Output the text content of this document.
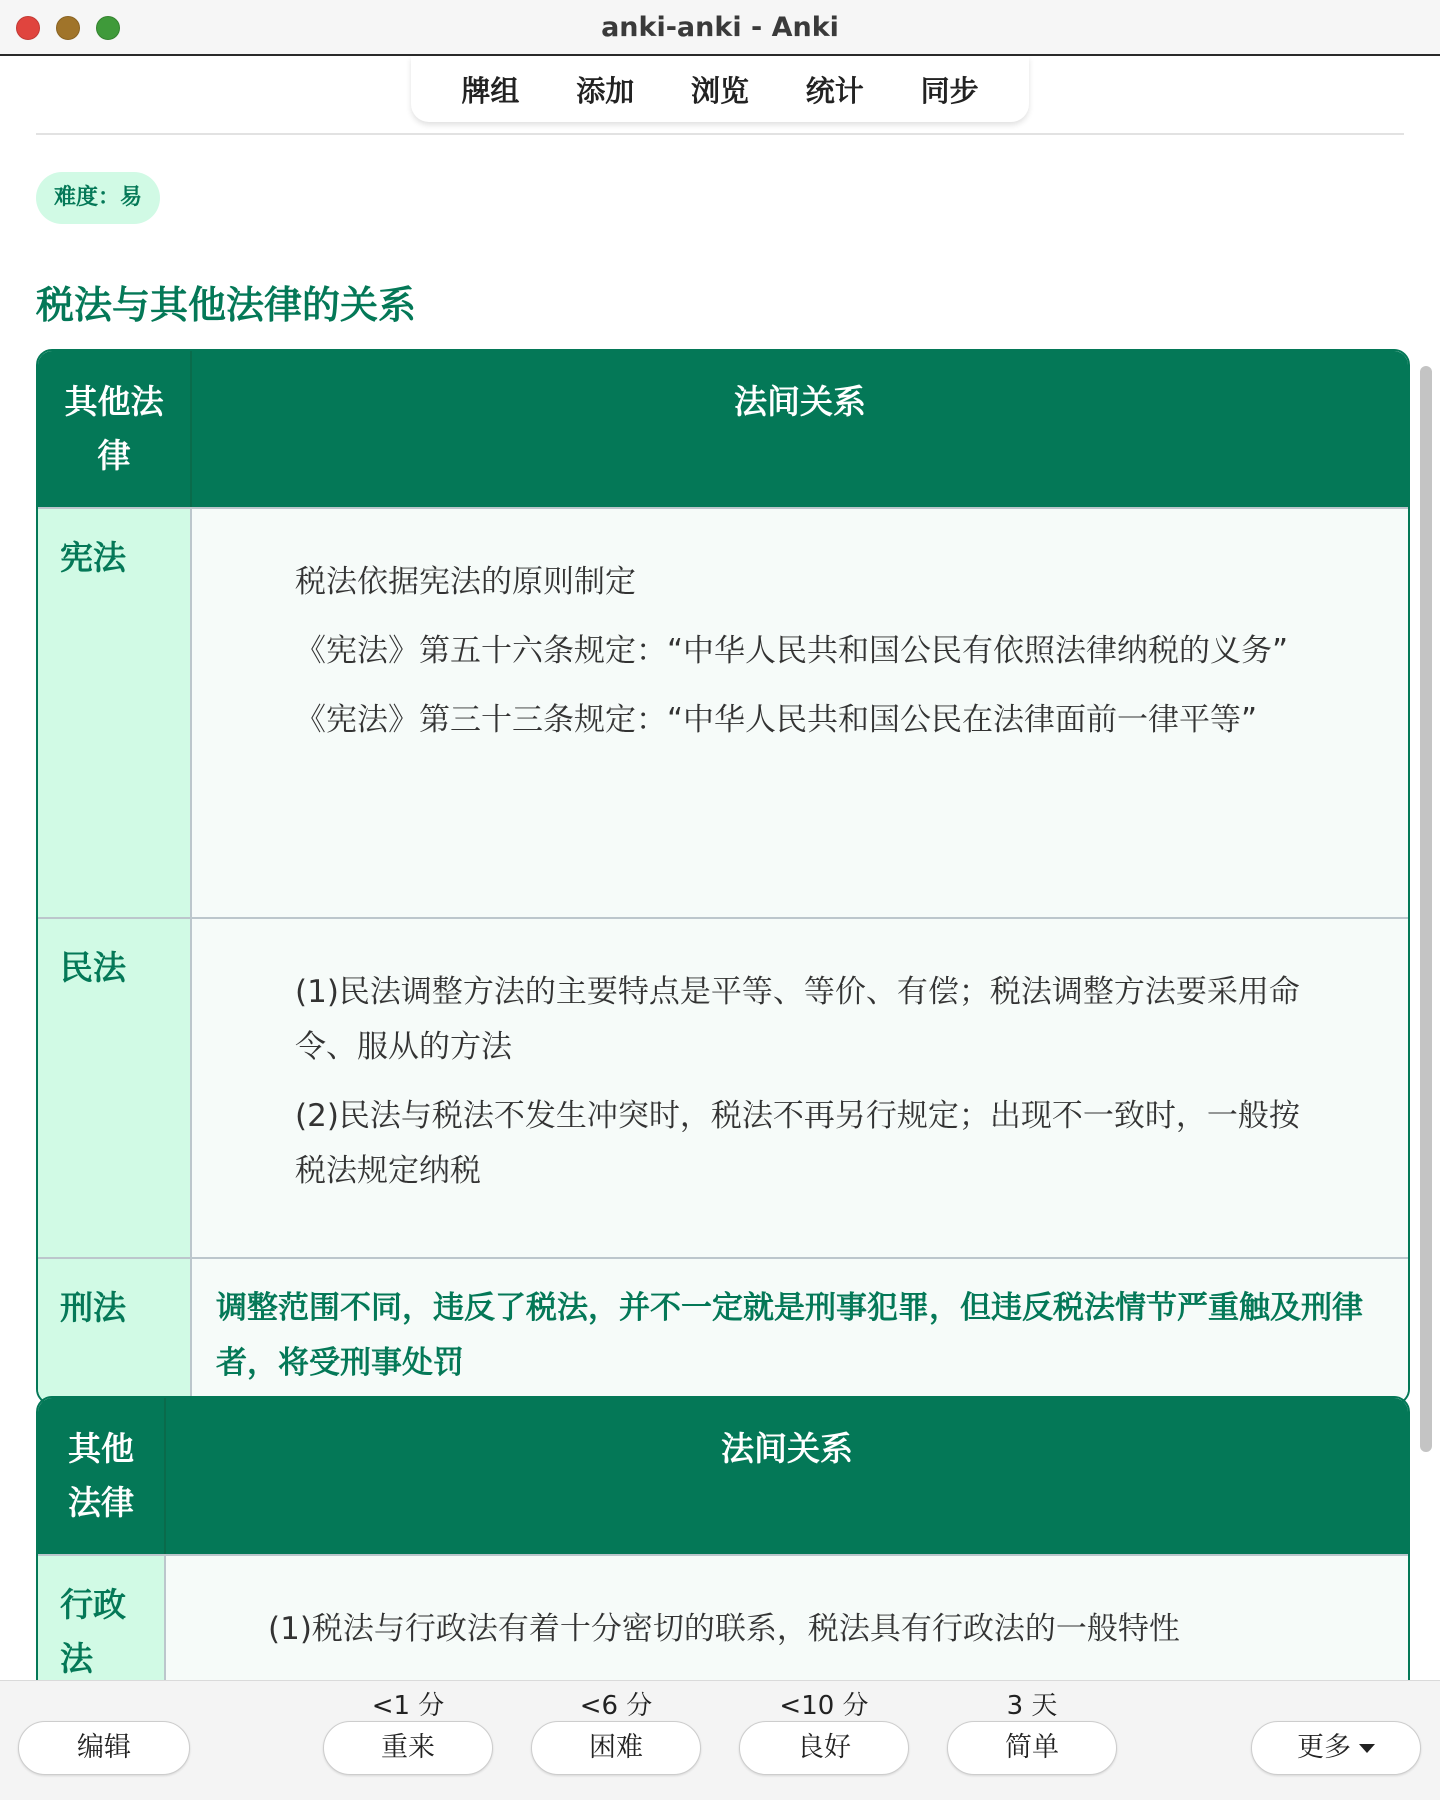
anki-anki - Anki
牌组 添加 浏览 统计 同步
难度：易
税法与其他法律的关系
其他法律	法间关系
宪法	税法依据宪法的原则制定

《宪法》第五十六条规定：“中华人民共和国公民有依照法律纳税的义务”

《宪法》第三十三条规定：“中华人民共和国公民在法律面前一律平等”

民法	(1)民法调整方法的主要特点是平等、等价、有偿；税法调整方法要采用命令、服从的方法

(2)民法与税法不发生冲突时，税法不再另行规定；出现不一致时，一般按税法规定纳税

刑法	调整范围不同，违反了税法，并不一定就是刑事犯罪，但违反税法情节严重触及刑律者，将受刑事处罚

其他法律	法间关系
行政法	(1)税法与行政法有着十分密切的联系，税法具有行政法的一般特性

编辑
<1 分
重来
<6 分
困难
<10 分
良好
3 天
简单	更多
